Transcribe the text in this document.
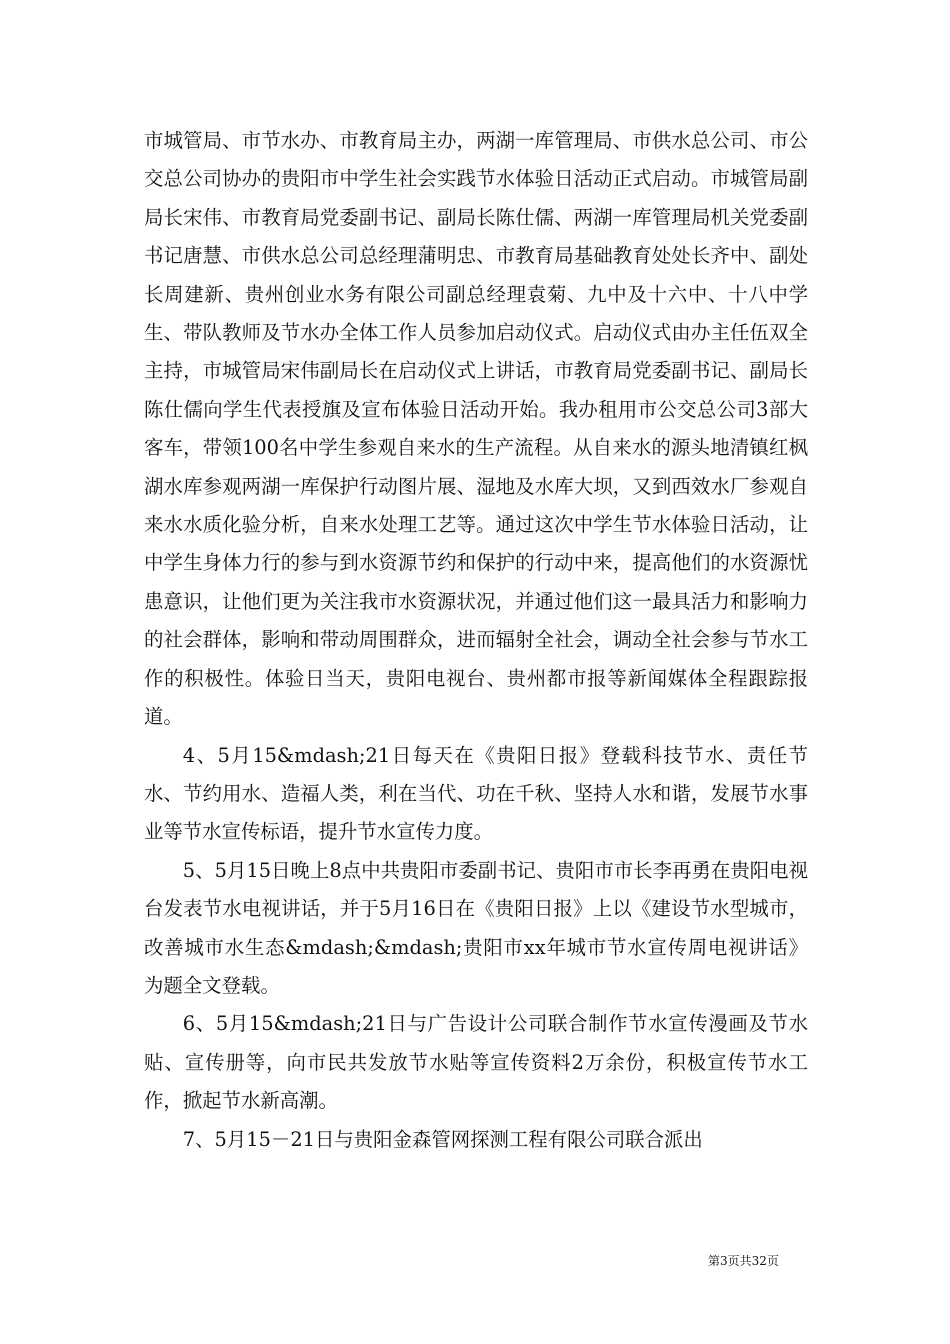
市城管局、市节水办、市教育局主办，两湖一库管理局、市供水总公司、市公交总公司协办的贵阳市中学生社会实践节水体验日活动正式启动。市城管局副局长宋伟、市教育局党委副书记、副局长陈仕儒、两湖一库管理局机关党委副书记唐慧、市供水总公司总经理蒲明忠、市教育局基础教育处处长齐中、副处长周建新、贵州创业水务有限公司副总经理袁菊、九中及十六中、十八中学生、带队教师及节水办全体工作人员参加启动仪式。启动仪式由办主任伍双全主持，市城管局宋伟副局长在启动仪式上讲话，市教育局党委副书记、副局长陈仕儒向学生代表授旗及宣布体验日活动开始。我办租用市公交总公司3部大客车，带领100名中学生参观自来水的生产流程。从自来水的源头地清镇红枫湖水库参观两湖一库保护行动图片展、湿地及水库大坝，又到西效水厂参观自来水水质化验分析，自来水处理工艺等。通过这次中学生节水体验日活动，让中学生身体力行的参与到水资源节约和保护的行动中来，提高他们的水资源忧患意识，让他们更为关注我市水资源状况，并通过他们这一最具活力和影响力的社会群体，影响和带动周围群众，进而辐射全社会，调动全社会参与节水工作的积极性。体验日当天，贵阳电视台、贵州都市报等新闻媒体全程跟踪报道。

4、5月15&mdash;21日每天在《贵阳日报》登载科技节水、责任节水、节约用水、造福人类，利在当代、功在千秋、坚持人水和谐，发展节水事业等节水宣传标语，提升节水宣传力度。

5、5月15日晚上8点中共贵阳市委副书记、贵阳市市长李再勇在贵阳电视台发表节水电视讲话，并于5月16日在《贵阳日报》上以《建设节水型城市，改善城市水生态&mdash;&mdash;贵阳市xx年城市节水宣传周电视讲话》为题全文登载。

6、5月15&mdash;21日与广告设计公司联合制作节水宣传漫画及节水贴、宣传册等，向市民共发放节水贴等宣传资料2万余份，积极宣传节水工作，掀起节水新高潮。

7、5月15－21日与贵阳金森管网探测工程有限公司联合派出

第3页共32页
